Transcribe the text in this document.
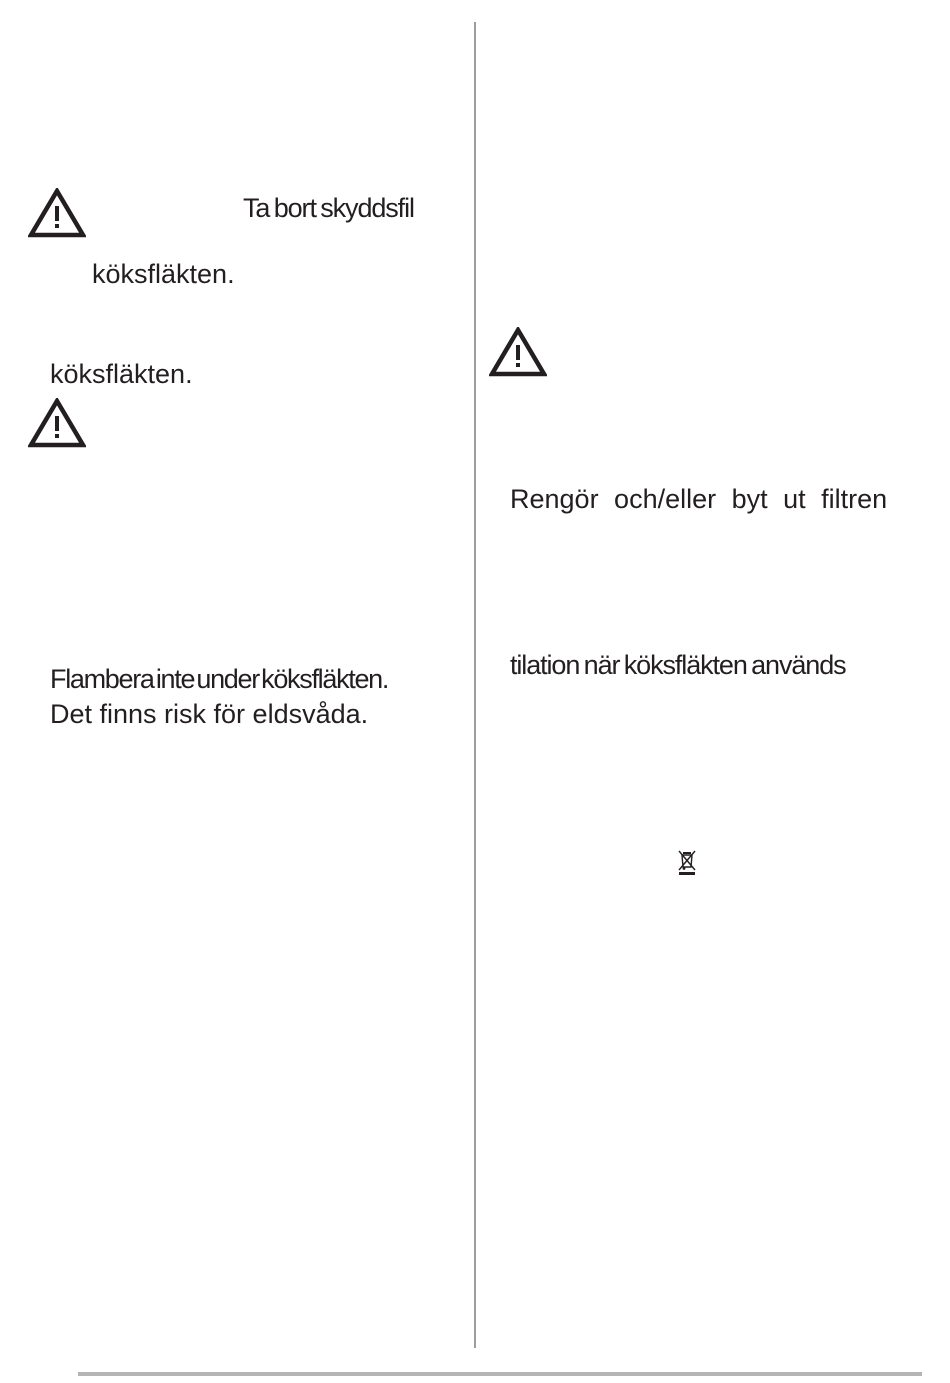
Ta bort skyddsfil
köksfläkten.
köksfläkten.
Flambera inte under köksfläkten.
Det finns risk för eldsvåda.
Rengör och/eller byt ut filtren
tilation när köksfläkten används
